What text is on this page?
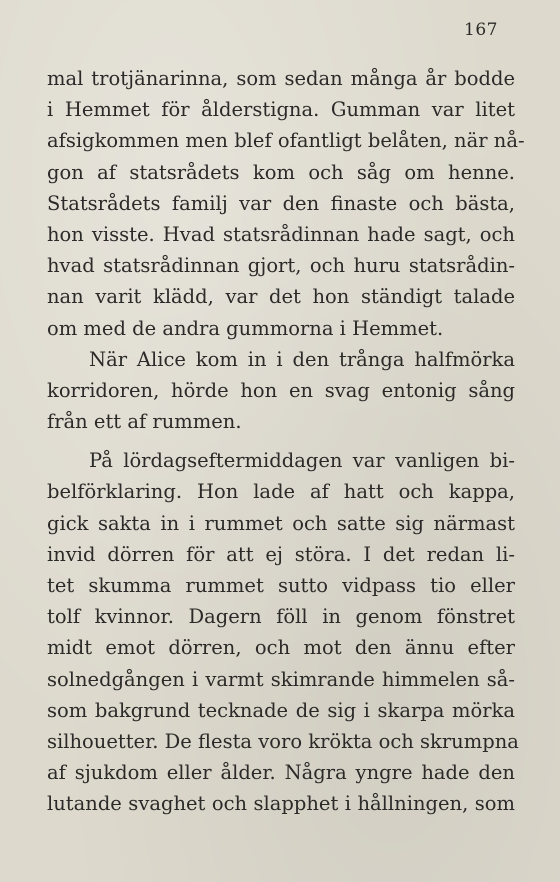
167
mal trotjänarinna, som sedan många år bodde
i Hemmet för ålderstigna. Gumman var litet
afsigkommen men blef ofantligt belåten, när nå-
gon af statsrådets kom och såg om henne.
Statsrådets familj var den finaste och bästa,
hon visste. Hvad statsrådinnan hade sagt, och
hvad statsrådinnan gjort, och huru statsrådin-
nan varit klädd, var det hon ständigt talade
om med de andra gummorna i Hemmet.
När Alice kom in i den trånga halfmörka
korridoren, hörde hon en svag entonig sång
från ett af rummen.
På lördagseftermiddagen var vanligen bi-
belförklaring. Hon lade af hatt och kappa,
gick sakta in i rummet och satte sig närmast
invid dörren för att ej störa. I det redan li-
tet skumma rummet sutto vidpass tio eller
tolf kvinnor. Dagern föll in genom fönstret
midt emot dörren, och mot den ännu efter
solnedgången i varmt skimrande himmelen så-
som bakgrund tecknade de sig i skarpa mörka
silhouetter. De flesta voro krökta och skrumpna
af sjukdom eller ålder. Några yngre hade den
lutande svaghet och slapphet i hållningen, som
